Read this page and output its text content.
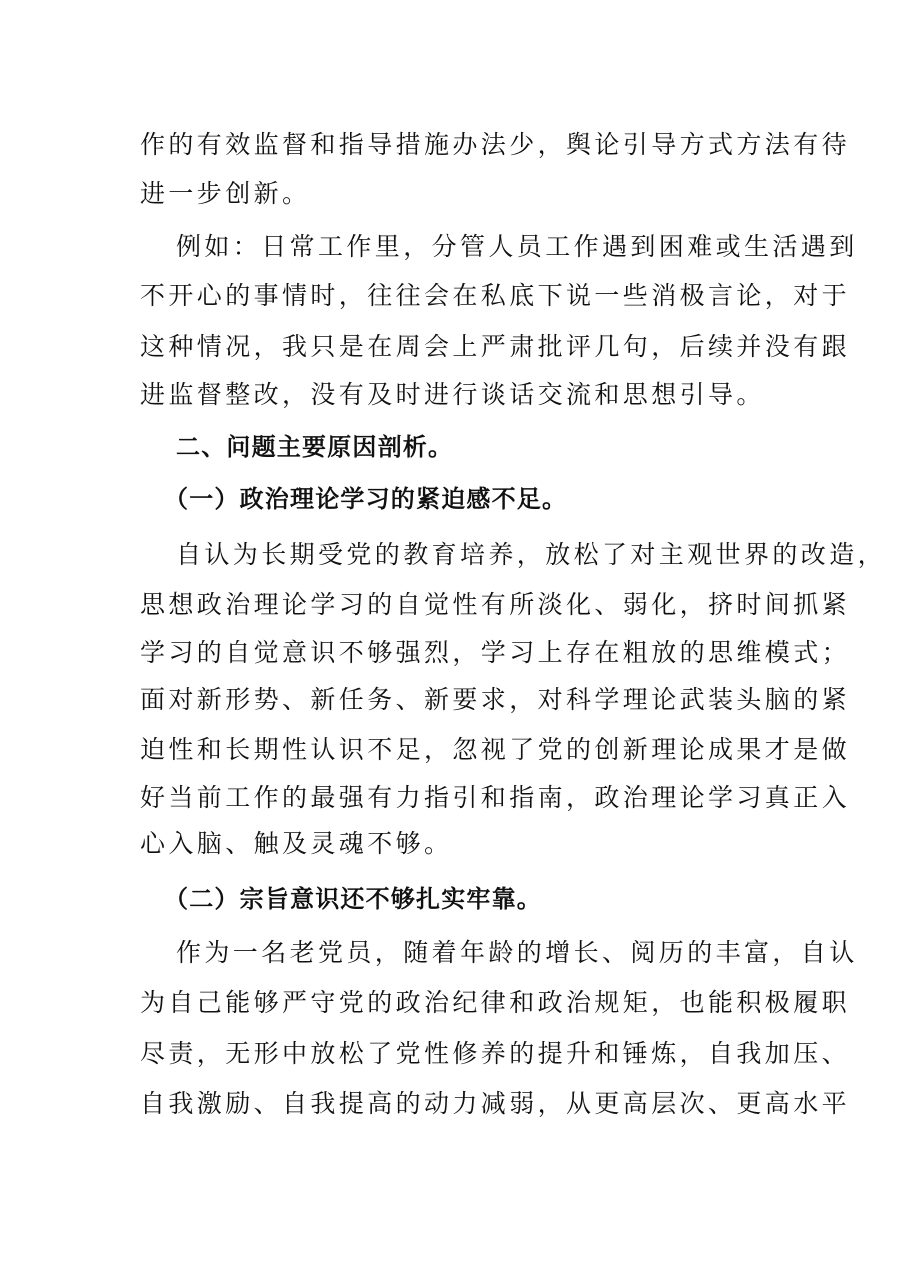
作的有效监督和指导措施办法少，舆论引导方式方法有待
进一步创新。
例如：日常工作里，分管人员工作遇到困难或生活遇到
不开心的事情时，往往会在私底下说一些消极言论，对于
这种情况，我只是在周会上严肃批评几句，后续并没有跟
进监督整改，没有及时进行谈话交流和思想引导。
二、问题主要原因剖析。
（一）政治理论学习的紧迫感不足。
自认为长期受党的教育培养，放松了对主观世界的改造，
思想政治理论学习的自觉性有所淡化、弱化，挤时间抓紧
学习的自觉意识不够强烈，学习上存在粗放的思维模式；
面对新形势、新任务、新要求，对科学理论武装头脑的紧
迫性和长期性认识不足，忽视了党的创新理论成果才是做
好当前工作的最强有力指引和指南，政治理论学习真正入
心入脑、触及灵魂不够。
（二）宗旨意识还不够扎实牢靠。
作为一名老党员，随着年龄的增长、阅历的丰富，自认
为自己能够严守党的政治纪律和政治规矩，也能积极履职
尽责，无形中放松了党性修养的提升和锤炼，自我加压、
自我激励、自我提高的动力减弱，从更高层次、更高水平
